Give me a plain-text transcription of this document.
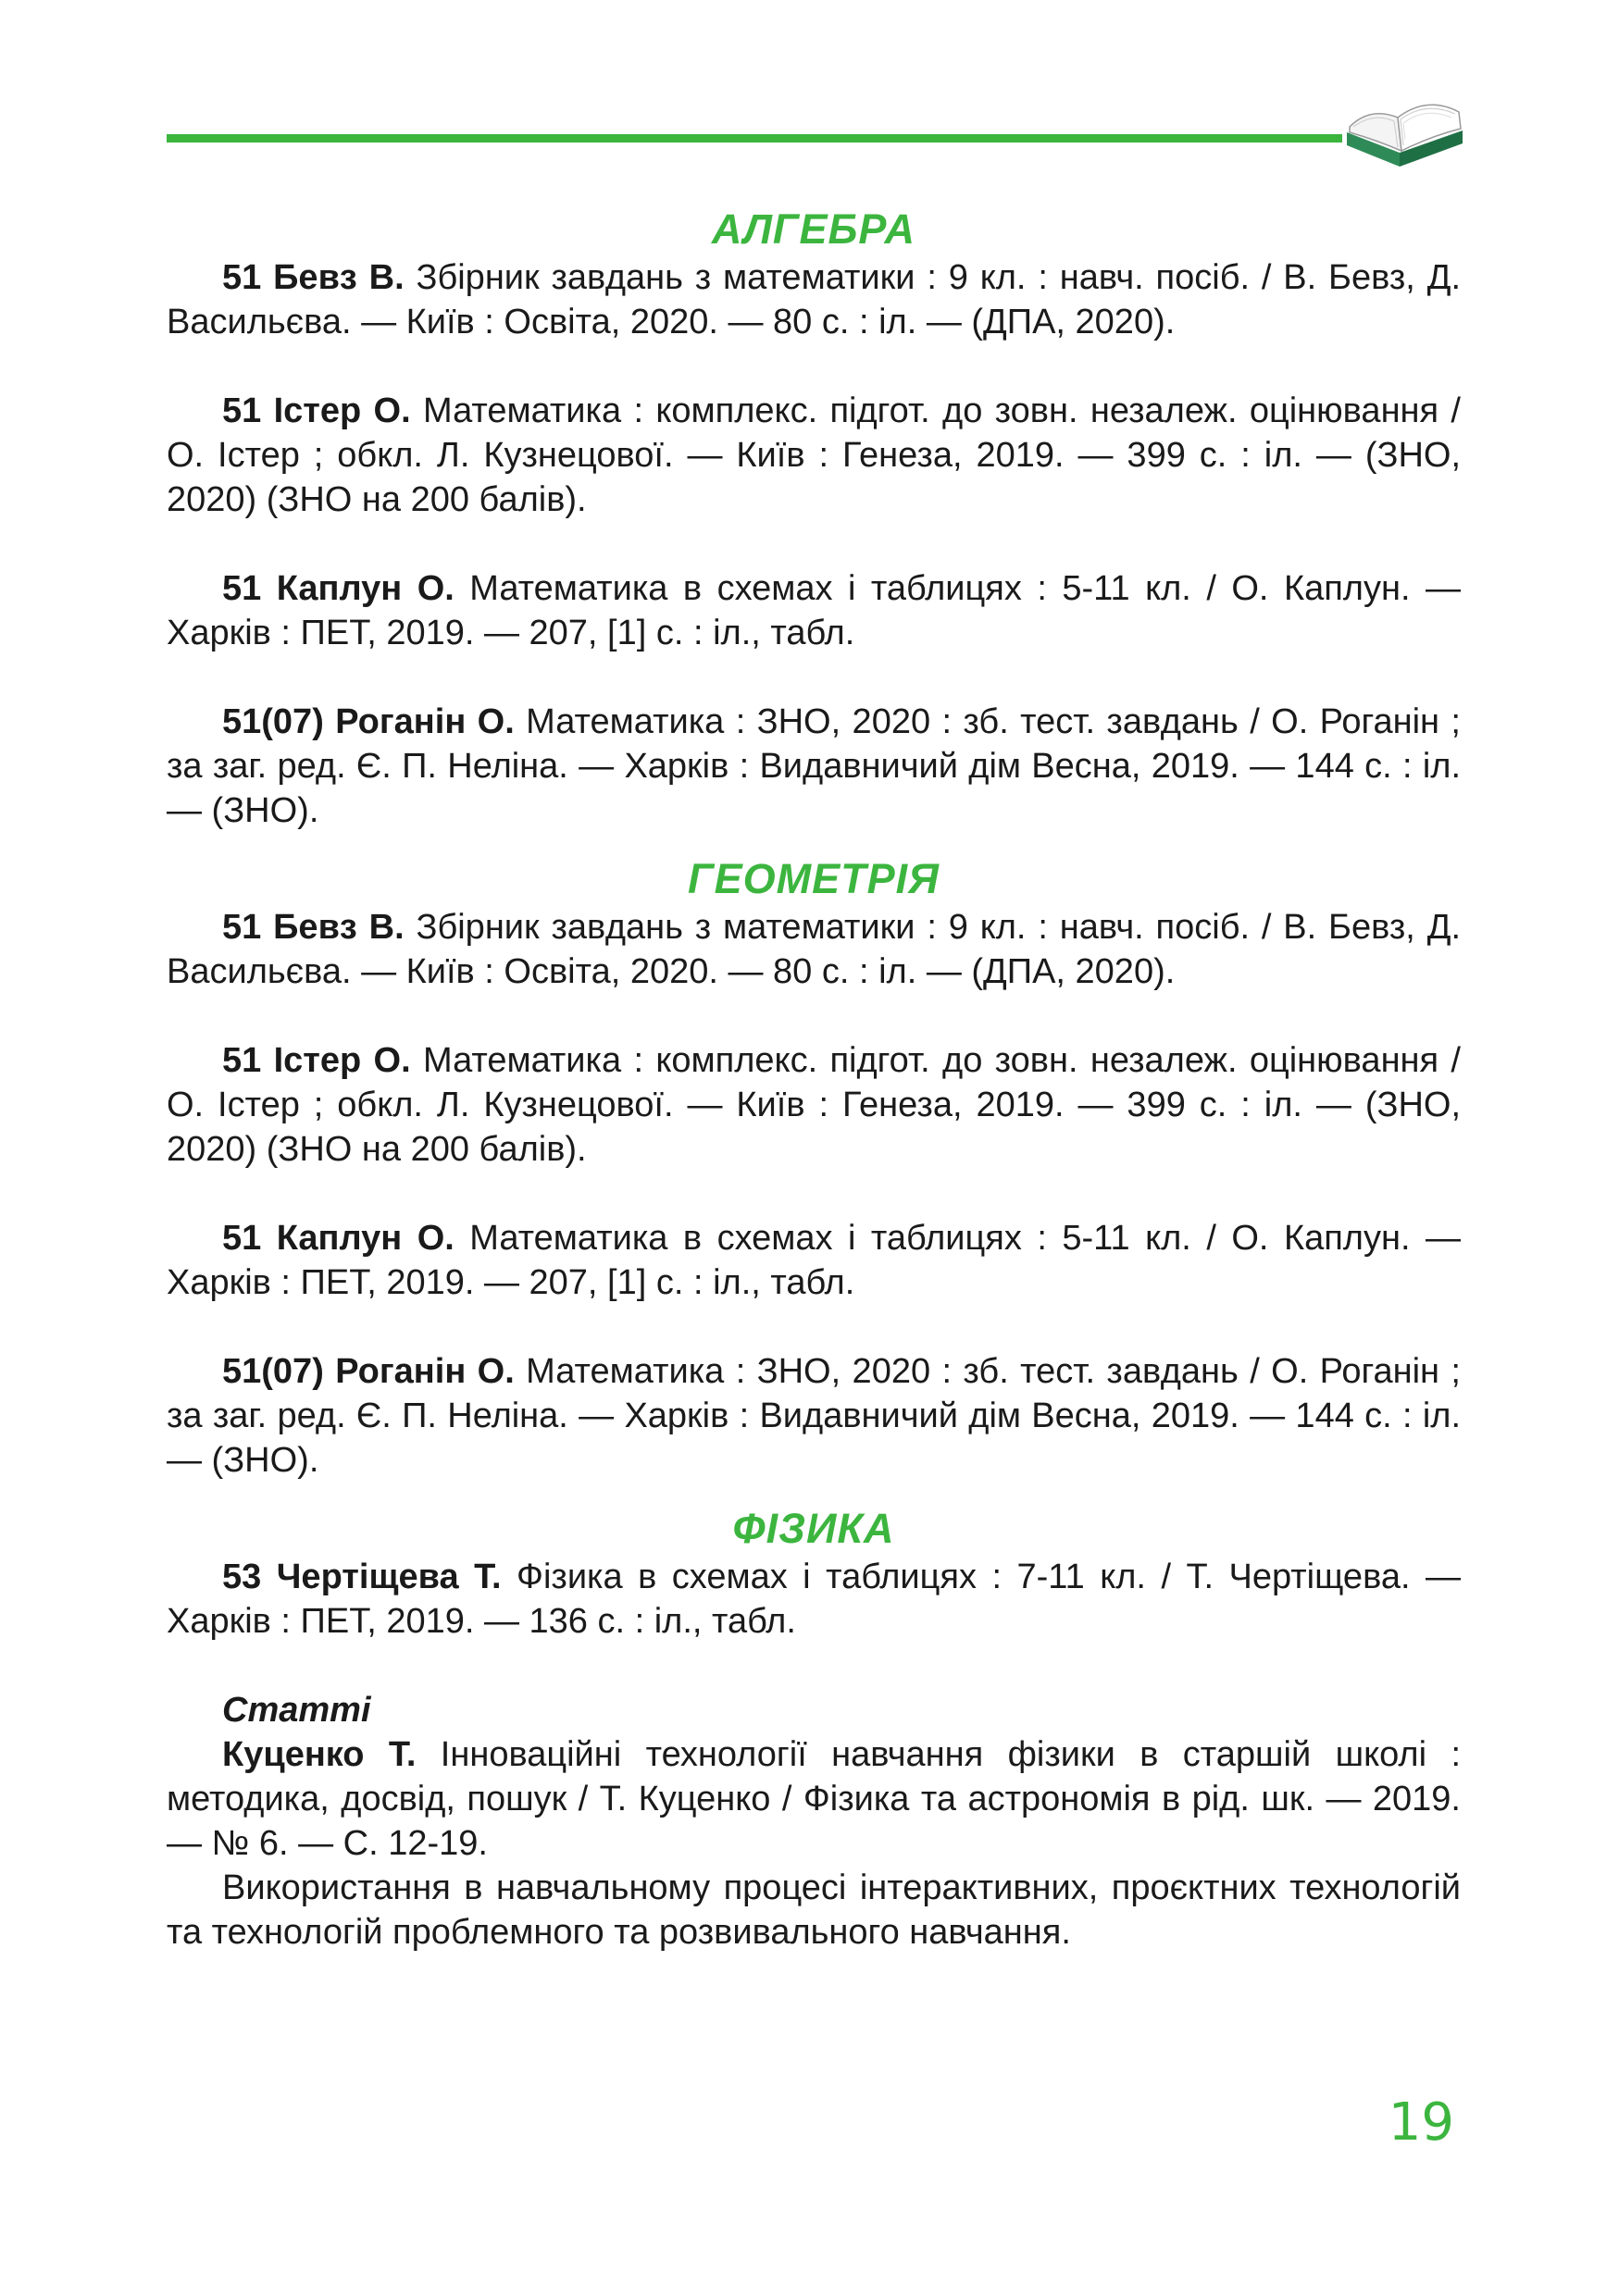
АЛГЕБРА

51 Бевз В. Збірник завдань з математики : 9 кл. : навч. посіб. / В. Бевз, Д. Васильєва. — Київ : Освіта, 2020. — 80 с. : іл. — (ДПА, 2020).

51 Істер О. Математика : комплекс. підгот. до зовн. незалеж. оцінювання / О. Істер ; обкл. Л. Кузнецової. — Київ : Генеза, 2019. — 399 с. : іл. — (ЗНО, 2020) (ЗНО на 200 балів).

51 Каплун О. Математика в схемах і таблицях : 5-11 кл. / О. Каплун. — Харків : ПЕТ, 2019. — 207, [1] с. : іл., табл.

51(07) Роганін О. Математика : ЗНО, 2020 : зб. тест. завдань / О. Роганін ; за заг. ред. Є. П. Неліна. — Харків : Видавничий дім Весна, 2019. — 144 с. : іл. — (ЗНО).

ГЕОМЕТРІЯ

51 Бевз В. Збірник завдань з математики : 9 кл. : навч. посіб. / В. Бевз, Д. Васильєва. — Київ : Освіта, 2020. — 80 с. : іл. — (ДПА, 2020).

51 Істер О. Математика : комплекс. підгот. до зовн. незалеж. оцінювання / О. Істер ; обкл. Л. Кузнецової. — Київ : Генеза, 2019. — 399 с. : іл. — (ЗНО, 2020) (ЗНО на 200 балів).

51 Каплун О. Математика в схемах і таблицях : 5-11 кл. / О. Каплун. — Харків : ПЕТ, 2019. — 207, [1] с. : іл., табл.

51(07) Роганін О. Математика : ЗНО, 2020 : зб. тест. завдань / О. Роганін ; за заг. ред. Є. П. Неліна. — Харків : Видавничий дім Весна, 2019. — 144 с. : іл. — (ЗНО).

ФІЗИКА

53 Чертіщева Т. Фізика в схемах і таблицях : 7-11 кл. / Т. Чертіщева. — Харків : ПЕТ, 2019. — 136 с. : іл., табл.

Статті

Куценко Т. Інноваційні технології навчання фізики в старшій школі : методика, досвід, пошук / Т. Куценко / Фізика та астрономія в рід. шк. — 2019. — № 6. — С. 12-19.

Використання в навчальному процесі інтерактивних, проєктних технологій та технологій проблемного та розвивального навчання.

19
